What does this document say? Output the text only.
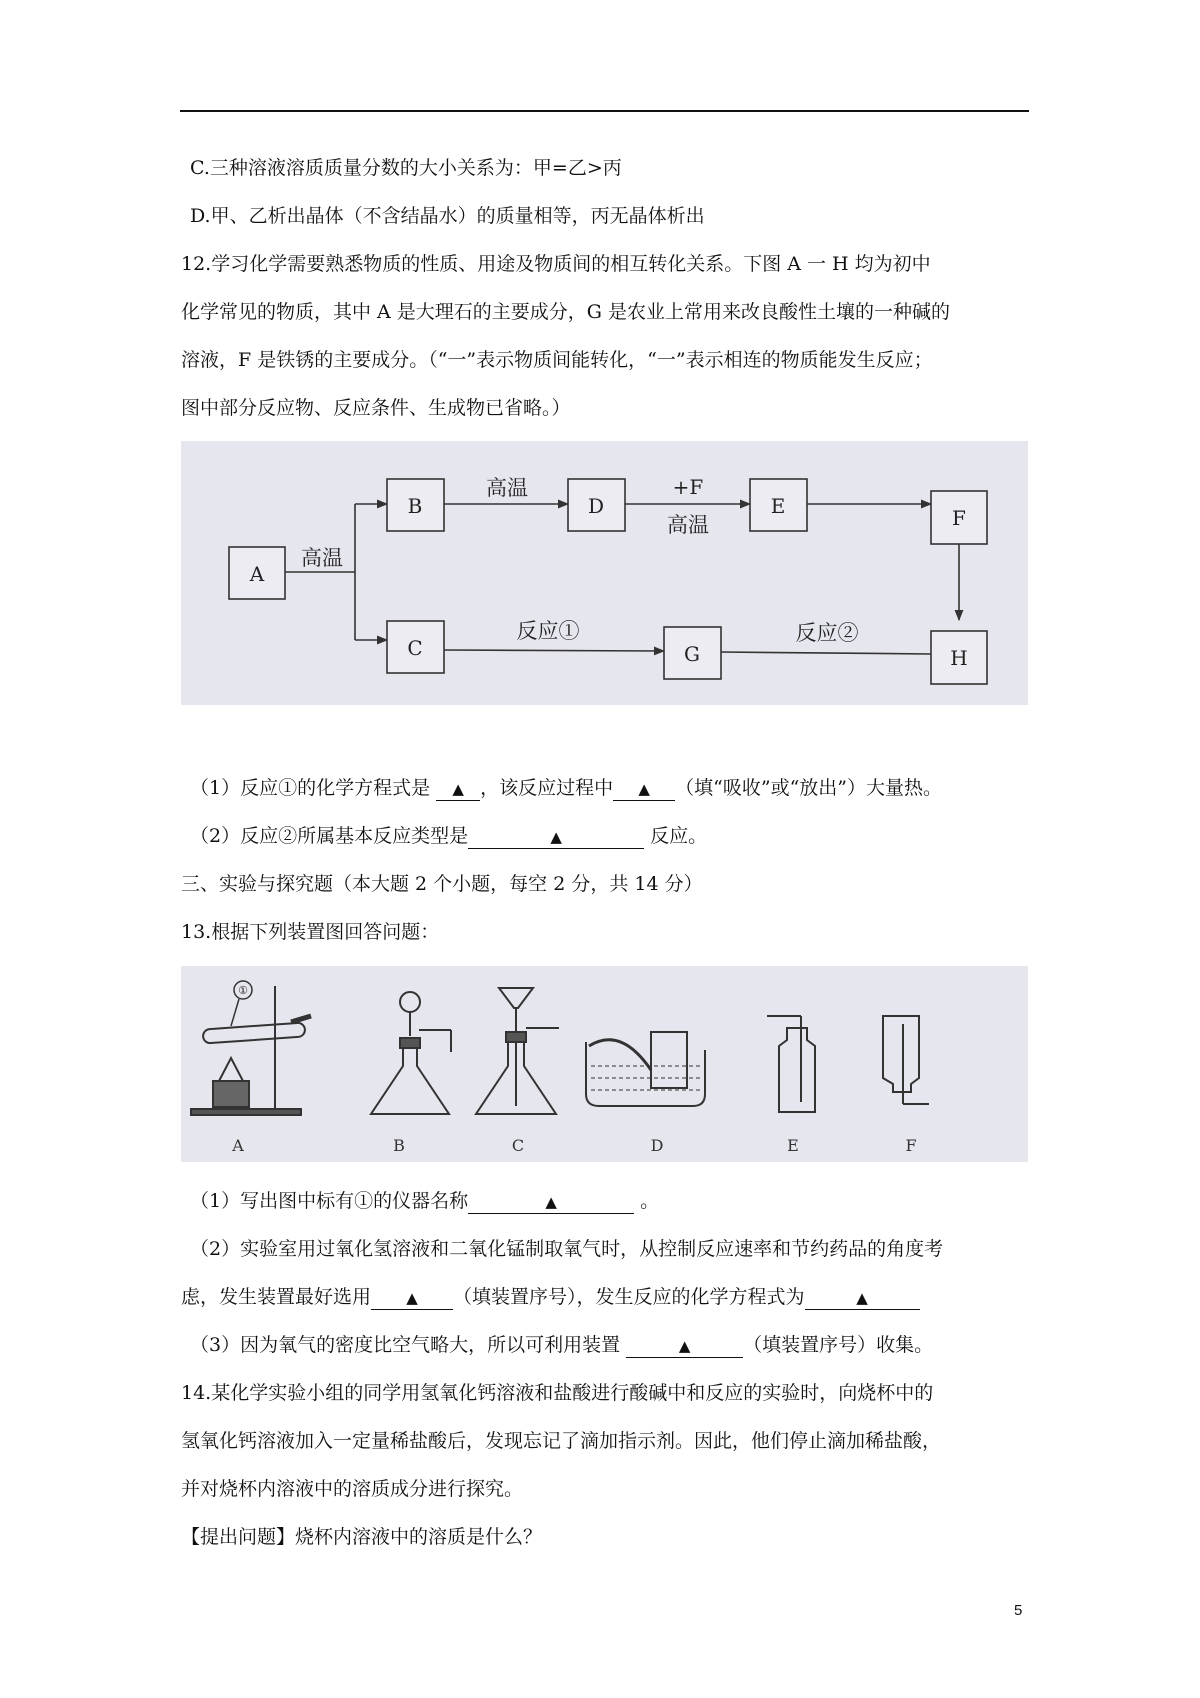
C.三种溶液溶质质量分数的大小关系为：甲=乙>丙
D.甲、乙析出晶体（不含结晶水）的质量相等，丙无晶体析出
12.学习化学需要熟悉物质的性质、用途及物质间的相互转化关系。下图 A 一 H 均为初中
化学常见的物质，其中 A 是大理石的主要成分，G 是农业上常用来改良酸性土壤的一种碱的
溶液，F 是铁锈的主要成分。（“一”表示物质间能转化，“一”表示相连的物质能发生反应；
图中部分反应物、反应条件、生成物已省略。）
A
B	D	E	F
C	G	H
高温
高温	+F
高温
反应①	反应②
（1）反应①的化学方程式是 ▲ ，该反应过程中 ▲ （填“吸收”或“放出”）大量热。
（2）反应②所属基本反应类型是	▲	反应。
三、实验与探究题（本大题 2 个小题，每空 2 分，共 14 分）
13.根据下列装置图回答问题：
①
A	B	C	D	E	F
（1）写出图中标有①的仪器名称	▲	。
（2）实验室用过氧化氢溶液和二氧化锰制取氧气时，从控制反应速率和节约药品的角度考
虑，发生装置最好选用 ▲ （填装置序号），发生反应的化学方程式为	▲
（3）因为氧气的密度比空气略大，所以可利用装置	▲	（填装置序号）收集。
14.某化学实验小组的同学用氢氧化钙溶液和盐酸进行酸碱中和反应的实验时，向烧杯中的
氢氧化钙溶液加入一定量稀盐酸后，发现忘记了滴加指示剂。因此，他们停止滴加稀盐酸，
并对烧杯内溶液中的溶质成分进行探究。
【提出问题】烧杯内溶液中的溶质是什么？
5
